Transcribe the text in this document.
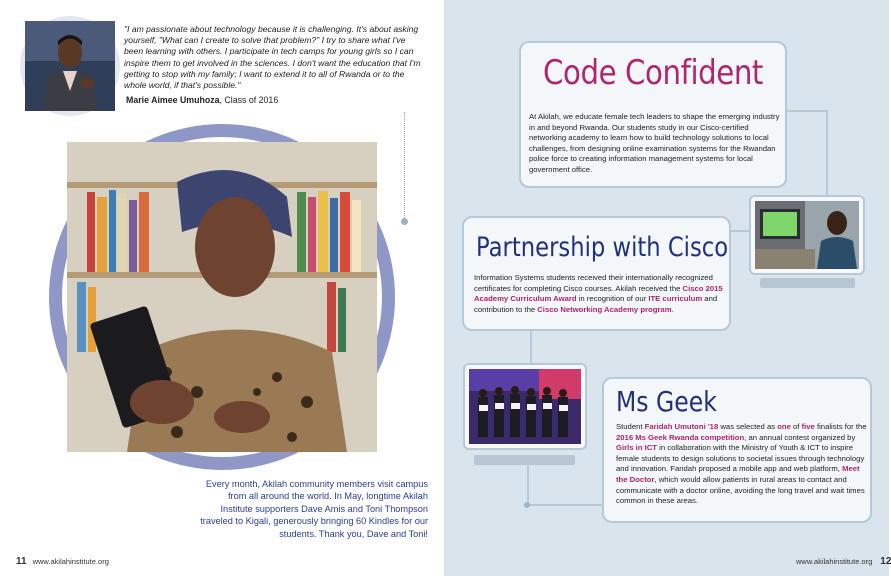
"I am passionate about technology because it is challenging. It's about asking yourself, "What can I create to solve that problem?" I try to share what I've been learning with others. I participate in tech camps for young girls so I can inspire them to get involved in the sciences. I don't want the education that I'm getting to stop with my family; I want to extend it to all of Rwanda or to the whole world, if that's possible."
Marie Aimee Umuhoza, Class of 2016
Every month, Akilah community members visit campus from all around the world. In May, longtime Akilah Institute supporters Dave Amis and Toni Thompson traveled to Kigali, generously bringing 60 Kindles for our students. Thank you, Dave and Toni!
11 www.akilahinstitute.org
Code Confident

At Akilah, we educate female tech leaders to shape the emerging industry in and beyond Rwanda. Our students study in our Cisco-certified networking academy to learn how to build technology solutions to local challenges, from designing online examination systems for the Rwandan police force to creating information management systems for local government office.

Partnership with Cisco

Information Systems students received their internationally recognized certificates for completing Cisco courses. Akilah received the Cisco 2015 Academy Curriculum Award in recognition of our ITE curriculum and contribution to the Cisco Networking Academy program.

Ms Geek

Student Faridah Umutoni '18 was selected as one of five finalists for the 2016 Ms Geek Rwanda competition, an annual contest organized by Girls in ICT in collaboration with the Ministry of Youth & ICT to inspire female students to design solutions to societal issues through technology and innovation. Faridah proposed a mobile app and web platform, Meet the Doctor, which would allow patients in rural areas to contact and communicate with a doctor online, avoiding the long travel and wait times common in these areas.

www.akilahinstitute.org 12
